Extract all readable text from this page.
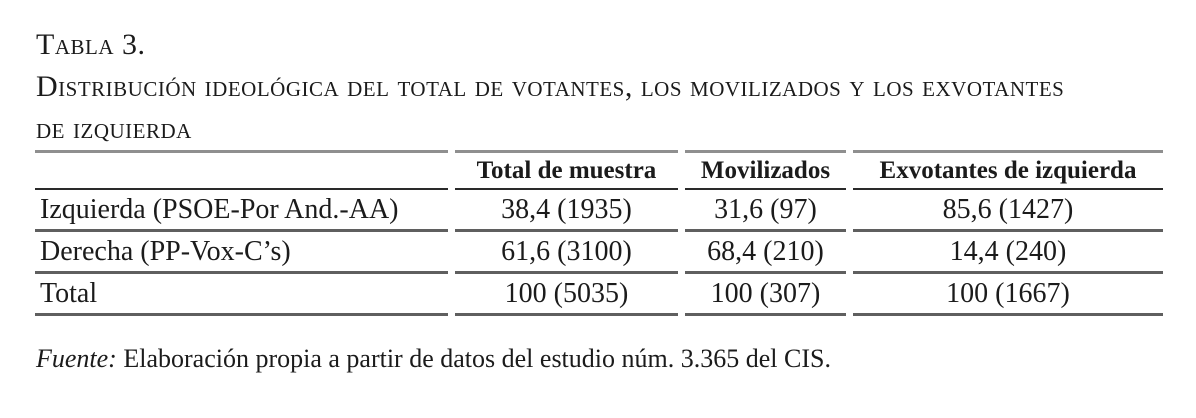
Tabla 3.
Distribución ideológica del total de votantes, los movilizados y los exvotantes
de izquierda
	Total de muestra	Movilizados	Exvotantes de izquierda
Izquierda (PSOE-Por And.-AA)	38,4 (1935)	31,6 (97)	85,6 (1427)
Derecha (PP-Vox-C’s)	61,6 (3100)	68,4 (210)	14,4 (240)
Total	100 (5035)	100 (307)	100 (1667)
Fuente: Elaboración propia a partir de datos del estudio núm. 3.365 del CIS.
